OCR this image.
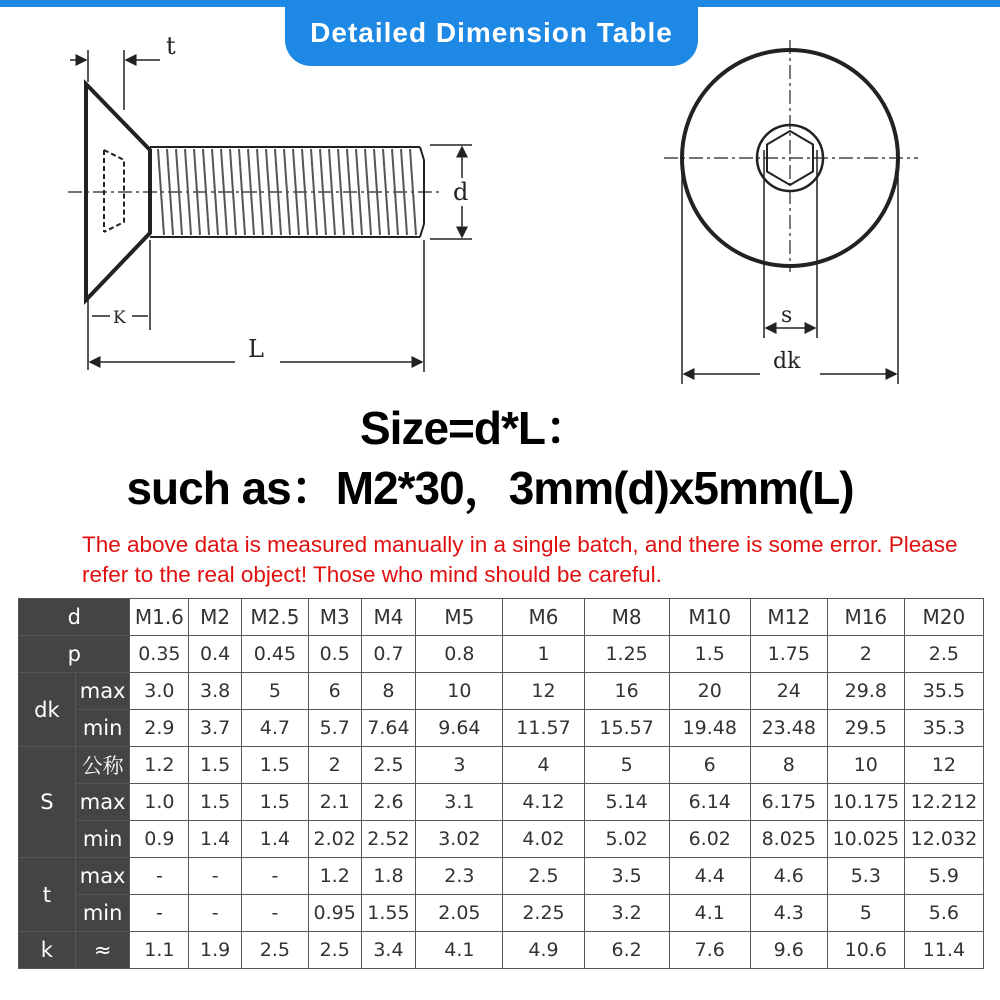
Detailed Dimension Table
t
d
K
L
s
dk
Size=d*L：
such as：M2*30，3mm(d)x5mm(L)
The above data is measured manually in a single batch, and there is some error. Please refer to the real object! Those who mind should be careful.
d		M1.6	M2	M2.5	M3	M4	M5	M6	M8	M10	M12	M16	M20
p		0.35	0.4	0.45	0.5	0.7	0.8	1	1.25	1.5	1.75	2	2.5
dk	max	3.0	3.8	5	6	8	10	12	16	20	24	29.8	35.5
	min	2.9	3.7	4.7	5.7	7.64	9.64	11.57	15.57	19.48	23.48	29.5	35.3
S	公称	1.2	1.5	1.5	2	2.5	3	4	5	6	8	10	12
	max	1.0	1.5	1.5	2.1	2.6	3.1	4.12	5.14	6.14	6.175	10.175	12.212
	min	0.9	1.4	1.4	2.02	2.52	3.02	4.02	5.02	6.02	8.025	10.025	12.032
t	max	-	-	-	1.2	1.8	2.3	2.5	3.5	4.4	4.6	5.3	5.9
	min	-	-	-	0.95	1.55	2.05	2.25	3.2	4.1	4.3	5	5.6
k	≈	1.1	1.9	2.5	2.5	3.4	4.1	4.9	6.2	7.6	9.6	10.6	11.4
